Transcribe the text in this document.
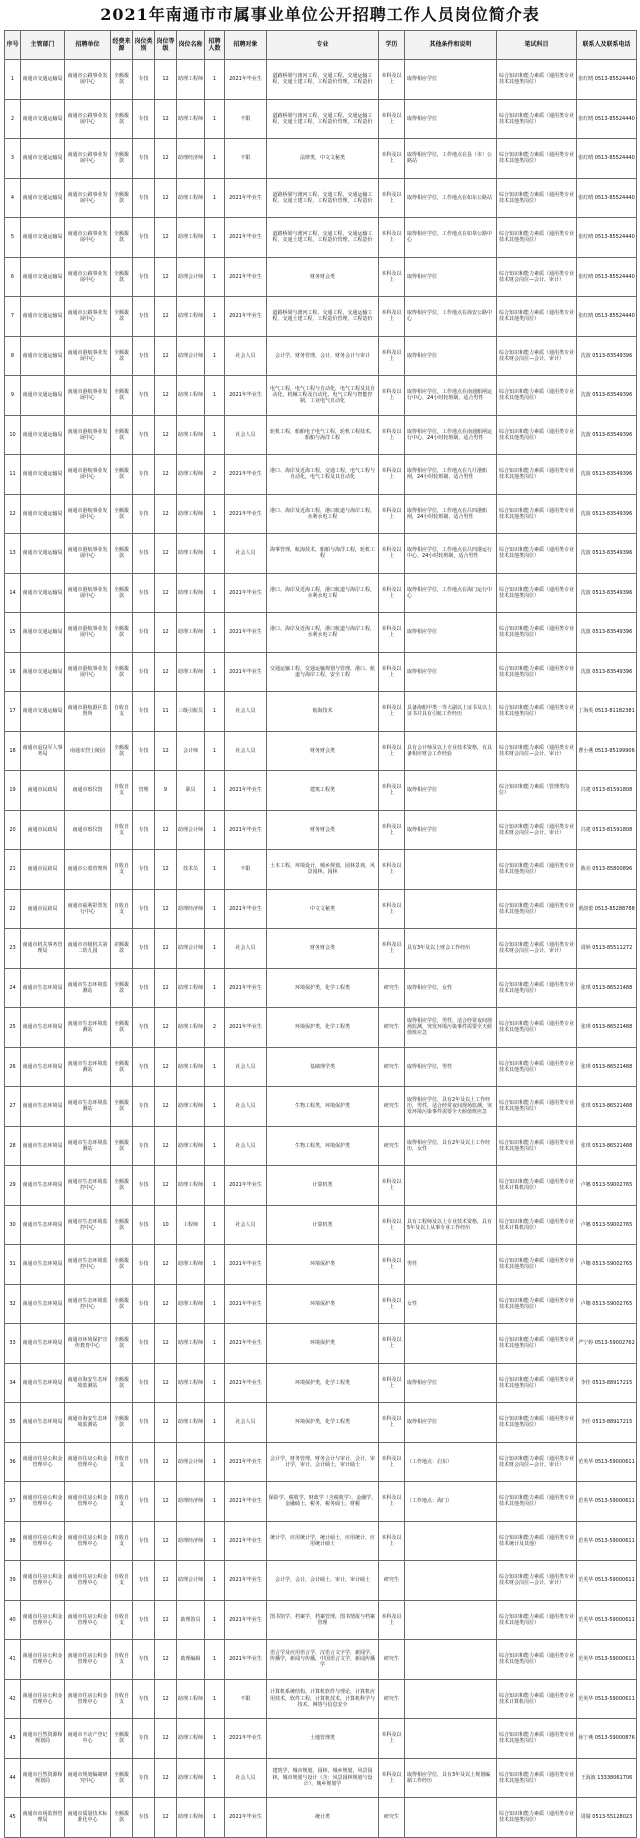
2021年南通市市属事业单位公开招聘工作人员岗位简介表
序号	主管部门	招聘单位	经费来源	岗位类别	岗位等级	岗位名称	招聘人数	招聘对象	专业	学历	其他条件和说明	笔试科目	联系人及联系电话
1	南通市交通运输局	南通市公路事业发展中心	全额拨款	专技	12	助理工程师	1	2021年毕业生	道路桥梁与渡河工程，交通工程，交通运输工程，交通土建工程，工程造价管理，工程造价	本科及以上	取得相应学位	综合知识和能力素质（通用类专业技术其他类岗位）	张红晴 0513-85524440
2	南通市交通运输局	南通市公路事业发展中心	全额拨款	专技	12	助理工程师	1	不限	道路桥梁与渡河工程，交通工程，交通运输工程，交通土建工程，工程造价管理，工程造价	本科及以上	取得相应学位	综合知识和能力素质（通用类专业技术其他类岗位）	张红晴 0513-85524440
3	南通市交通运输局	南通市公路事业发展中心	全额拨款	专技	12	助理经济师	1	不限	法律类，中文文秘类	本科及以上	取得相应学位，工作地点在县（市）公路站	综合知识和能力素质（通用类专业技术其他类岗位）	张红晴 0513-85524440
4	南通市交通运输局	南通市公路事业发展中心	全额拨款	专技	12	助理工程师	1	2021年毕业生	道路桥梁与渡河工程，交通工程，交通运输工程，交通土建工程，工程造价管理，工程造价	本科及以上	取得相应学位，工作地点在如东公路站	综合知识和能力素质（通用类专业技术其他类岗位）	张红晴 0513-85524440
5	南通市交通运输局	南通市公路事业发展中心	全额拨款	专技	12	助理工程师	1	2021年毕业生	道路桥梁与渡河工程，交通工程，交通运输工程，交通土建工程，工程造价管理，工程造价	本科及以上	取得相应学位，工作地点在如皋公路中心	综合知识和能力素质（通用类专业技术其他类岗位）	张红晴 0513-85524440
6	南通市交通运输局	南通市公路事业发展中心	全额拨款	专技	12	助理会计师	1	2021年毕业生	财务财会类	本科及以上	取得相应学位	综合知识和能力素质（通用类专业技术财会岗位—会计、审计）	张红晴 0513-85524440
7	南通市交通运输局	南通市公路事业发展中心	全额拨款	专技	12	助理工程师	1	2021年毕业生	道路桥梁与渡河工程，交通工程，交通运输工程，交通土建工程，工程造价管理，工程造价	本科及以上	取得相应学位，工作地点在海安公路中心	综合知识和能力素质（通用类专业技术其他类岗位）	张红晴 0513-85524440
8	南通市交通运输局	南通市港航事业发展中心	全额拨款	专技	12	助理会计师	1	社会人员	会计学，财务管理，会计，财务会计与审计	本科及以上	取得相应学位	综合知识和能力素质（通用类专业技术财会岗位—会计、审计）	沈波 0513-83549396
9	南通市交通运输局	南通市港航事业发展中心	全额拨款	专技	12	助理工程师	1	2021年毕业生	电气工程，电气工程与自动化，电气工程及其自动化，机械工程及自动化，电气工程与智能控制，工业电气自动化	本科及以上	取得相应学位，工作地点在南通船闸运行中心，24小时轮班制，适合男性	综合知识和能力素质（通用类专业技术其他类岗位）	沈波 0513-83549396
10	南通市交通运输局	南通市港航事业发展中心	全额拨款	专技	12	助理工程师	1	社会人员	轮机工程，船舶电子电气工程，轮机工程技术，船舶与海洋工程	本科及以上	取得相应学位，工作地点在南通船闸运行中心，24小时轮班制，适合男性	综合知识和能力素质（通用类专业技术其他类岗位）	沈波 0513-83549396
11	南通市交通运输局	南通市港航事业发展中心	全额拨款	专技	12	助理工程师	2	2021年毕业生	港口、海岸及近海工程，交通工程，电气工程与自动化，电气工程及其自动化	本科及以上	取得相应学位，工作地点在九圩港船闸，24小时轮班制，适合男性	综合知识和能力素质（通用类专业技术其他类岗位）	沈波 0513-83549396
12	南通市交通运输局	南通市港航事业发展中心	全额拨款	专技	12	助理工程师	1	2021年毕业生	港口、海岸及近海工程，港口航道与海岸工程，水利水电工程	本科及以上	取得相应学位，工作地点在吕四港船闸，24小时轮班制，适合男性	综合知识和能力素质（通用类专业技术其他类岗位）	沈波 0513-83549396
13	南通市交通运输局	南通市港航事业发展中心	全额拨款	专技	12	助理工程师	1	社会人员	海事管理，航海技术，船舶与海洋工程，轮机工程	本科及以上	取得相应学位，工作地点在吕四港运行中心，24小时轮班制，适合男性	综合知识和能力素质（通用类专业技术其他类岗位）	沈波 0513-83549396
14	南通市交通运输局	南通市港航事业发展中心	全额拨款	专技	12	助理工程师	1	2021年毕业生	港口、海岸及近海工程，港口航道与海岸工程，水利水电工程	本科及以上	取得相应学位，工作地点在海门运行中心	综合知识和能力素质（通用类专业技术其他类岗位）	沈波 0513-83549396
15	南通市交通运输局	南通市港航事业发展中心	全额拨款	专技	12	助理工程师	1	2021年毕业生	港口、海岸及近海工程，港口航道与海岸工程，水利水电工程	本科及以上	取得相应学位	综合知识和能力素质（通用类专业技术其他类岗位）	沈波 0513-83549396
16	南通市交通运输局	南通市港航事业发展中心	全额拨款	专技	12	助理工程师	1	2021年毕业生	交通运输工程，交通运输规划与管理，港口、航道与海岸工程，安全工程	本科及以上	取得相应学位	综合知识和能力素质（通用类专业技术其他类岗位）	沈波 0513-83549396
17	南通市交通运输局	南通市港航港区监督所	自收自支	专技	11	三级引航员	1	社会人员	航海技术	本科及以上	具备海船甲类一等大副以上证书及以上证书并具有引航工作经历	综合知识和能力素质（通用类专业技术其他类岗位）	丁海英 0513-81182381
18	南通市退役军人事务局	南通市烈士陵园	全额拨款	专技	12	会计师	1	社会人员	财务财会类	本科及以上	具有会计师及以上专业技术资格，有具备相应财会工作经验	综合知识和能力素质（通用类专业技术财会岗位—会计、审计）	曹小燕 0513-85199906
19	南通市民政局	南通市殡仪馆	自收自支	管理	9	职员	1	2021年毕业生	建筑工程类	本科及以上	取得相应学位	综合知识和能力素质（管理类岗位）	冯建 0513-81591808
20	南通市民政局	南通市殡仪馆	自收自支	专技	12	助理会计师	1	2021年毕业生	财务财会类	本科及以上	取得相应学位	综合知识和能力素质（通用类专业技术财会岗位—会计、审计）	冯建 0513-81591808
21	南通市民政局	南通市公墓管理所	自收自支	专技	12	技术员	1	不限	土木工程，环境设计，城乡规划，园林景观，风景园林，园林	本科及以上		综合知识和能力素质（通用类专业技术其他类岗位）	陈亮 0513-85800896
22	南通市民政局	南通市福利彩票发行中心	自收自支	专技	12	助理经济师	1	2021年毕业生	中文文秘类	本科及以上		综合知识和能力素质（通用类专业技术其他类岗位）	黄韵蕾 0513-85288788
23	南通市机关事务管理局	南通市市级机关第二幼儿园	差额拨款	专技	12	助理会计师	1	社会人员	财务财会类	本科及以上	具有3年及以上财会工作经历	综合知识和能力素质（通用类专业技术财会岗位—会计、审计）	周婷 0513-85511272
24	南通市生态环境局	南通市生态环境监测站	全额拨款	专技	12	助理工程师	1	2021年毕业生	环境保护类，化学工程类	研究生	取得相应学位，女性	综合知识和能力素质（通用类专业技术其他类岗位）	张琪 0513-86521488
25	南通市生态环境局	南通市生态环境监测站	全额拨款	专技	12	助理工程师	2	2021年毕业生	环境保护类，化学工程类	研究生	取得相应学位，男性，适合经常夜间现场监测，突发环境污染事件需要全天候值班应急	综合知识和能力素质（通用类专业技术其他类岗位）	张琪 0513-86521488
26	南通市生态环境局	南通市生态环境监测站	全额拨款	专技	12	助理工程师	1	社会人员	基础理学类	研究生	取得相应学位，男性	综合知识和能力素质（通用类专业技术其他类岗位）	张琪 0513-86521488
27	南通市生态环境局	南通市生态环境监测站	全额拨款	专技	12	助理工程师	1	社会人员	生物工程类，环境保护类	研究生	取得相应学位，具有2年及以上工作经历，男性，适合经常夜间现场监测，突发环境污染事件需要全天候值班应急	综合知识和能力素质（通用类专业技术其他类岗位）	张琪 0513-86521488
28	南通市生态环境局	南通市生态环境监测站	全额拨款	专技	12	助理工程师	1	社会人员	生物工程类，环境保护类	研究生	取得相应学位，具有2年及以上工作经历，女性	综合知识和能力素质（通用类专业技术其他类岗位）	张琪 0513-86521488
29	南通市生态环境局	南通市生态环境监控中心	全额拨款	专技	12	助理工程师	1	2021年毕业生	计算机类	本科及以上		综合知识和能力素质（通用类专业技术计算机岗位）	卢娜 0513-59002765
30	南通市生态环境局	南通市生态环境监控中心	全额拨款	专技	10	工程师	1	社会人员	计算机类	本科及以上	具有工程师及以上专业技术资格，具有5年及以上从事专业工作经历	综合知识和能力素质（通用类专业技术计算机岗位）	卢娜 0513-59002765
31	南通市生态环境局	南通市生态环境监控中心	全额拨款	专技	12	助理工程师	1	2021年毕业生	环境保护类	本科及以上	男性	综合知识和能力素质（通用类专业技术其他类岗位）	卢娜 0513-59002765
32	南通市生态环境局	南通市生态环境监控中心	全额拨款	专技	12	助理工程师	1	2021年毕业生	环境保护类	本科及以上	女性	综合知识和能力素质（通用类专业技术其他类岗位）	卢娜 0513-59002765
33	南通市生态环境局	南通市环境保护宣传教育中心	全额拨款	专技	12	助理工程师	1	2021年毕业生	环境保护类	本科及以上		综合知识和能力素质（通用类专业技术其他类岗位）	严宁婷 0513-59002762
34	南通市生态环境局	南通市海安生态环境监测站	全额拨款	专技	12	助理工程师	1	2021年毕业生	环境保护类，化学工程类	本科及以上	取得相应学位	综合知识和能力素质（通用类专业技术其他类岗位）	李佳 0513-88917215
35	南通市生态环境局	南通市海安生态环境监测站	全额拨款	专技	12	助理工程师	1	社会人员	环境保护类，化学工程类	本科及以上	取得相应学位	综合知识和能力素质（通用类专业技术其他类岗位）	李佳 0513-88917215
36	南通市住房公积金管理中心	南通市住房公积金管理中心	自收自支	专技	12	助理会计师	1	2021年毕业生	会计学，财务管理，财务会计与审计，会计，审计学，审计，会计硕士，审计硕士	本科及以上	（工作地点：启东）	综合知识和能力素质（通用类专业技术财会岗位—会计、审计）	范英华 0513-59000611
37	南通市住房公积金管理中心	南通市住房公积金管理中心	自收自支	专技	12	助理经济师	1	2021年毕业生	保险学，税收学，财政学（含税收学），金融学，金融硕士，税务，税务硕士，财税	本科及以上	（工作地点：海门）	综合知识和能力素质（通用类专业技术其他类岗位）	范英华 0513-59000611
38	南通市住房公积金管理中心	南通市住房公积金管理中心	自收自支	专技	12	助理经济师	1	2021年毕业生	统计学，应用统计学，统计硕士，应用统计，应用统计硕士	本科及以上		综合知识和能力素质（通用类专业技术统计及其他）	范英华 0513-59000611
39	南通市住房公积金管理中心	南通市住房公积金管理中心	自收自支	专技	12	助理会计师	1	2021年毕业生	会计学，会计，会计硕士，审计，审计硕士	研究生		综合知识和能力素质（通用类专业技术财会岗位—会计、审计）	范英华 0513-59000611
40	南通市住房公积金管理中心	南通市住房公积金管理中心	自收自支	专技	12	助理馆员	1	2021年毕业生	图书馆学，档案学，档案管理，图书情报与档案管理	本科及以上		综合知识和能力素质（通用类专业技术其他类岗位）	范英华 0513-59000611
41	南通市住房公积金管理中心	南通市住房公积金管理中心	自收自支	专技	12	助理编辑	1	2021年毕业生	语言学及应用语言学，汉语言文字学，新闻学，传播学，新闻与传播，中国语言文学，新闻传播学	研究生		综合知识和能力素质（通用类专业技术其他类岗位）	范英华 0513-59000611
42	南通市住房公积金管理中心	南通市住房公积金管理中心	自收自支	专技	12	助理工程师	1	不限	计算机系统结构，计算机软件与理论，计算机应用技术，软件工程，计算机技术，计算机科学与技术，网络与信息安全	研究生		综合知识和能力素质（通用类专业技术计算机岗位）	范英华 0513-59000611
43	南通市自然资源和规划局	南通市不动产登记中心	全额拨款	专技	12	助理工程师	1	2021年毕业生	土地管理类	本科及以上		综合知识和能力素质（通用类专业技术其他类岗位）	孙宁燕 0513-59000876
44	南通市自然资源和规划局	南通市规划编制研究中心	全额拨款	专技	12	助理工程师	1	社会人员	建筑学，城市规划，园林，城乡规划，风景园林，城市规划与设计（含：风景园林规划与设计），城乡规划学	本科及以上	取得相应学位，具有3年及以上规划编制工作经历	综合知识和能力素质（通用类专业技术其他类岗位）	王海波 13338061706
45	南通市市场监督管理局	南通市质量技术标准化中心	全额拨款	专技	12	助理工程师	1	2021年毕业生	统计类	研究生		综合知识和能力素质（通用类专业技术其他类岗位）	周婧 0513-55128023
